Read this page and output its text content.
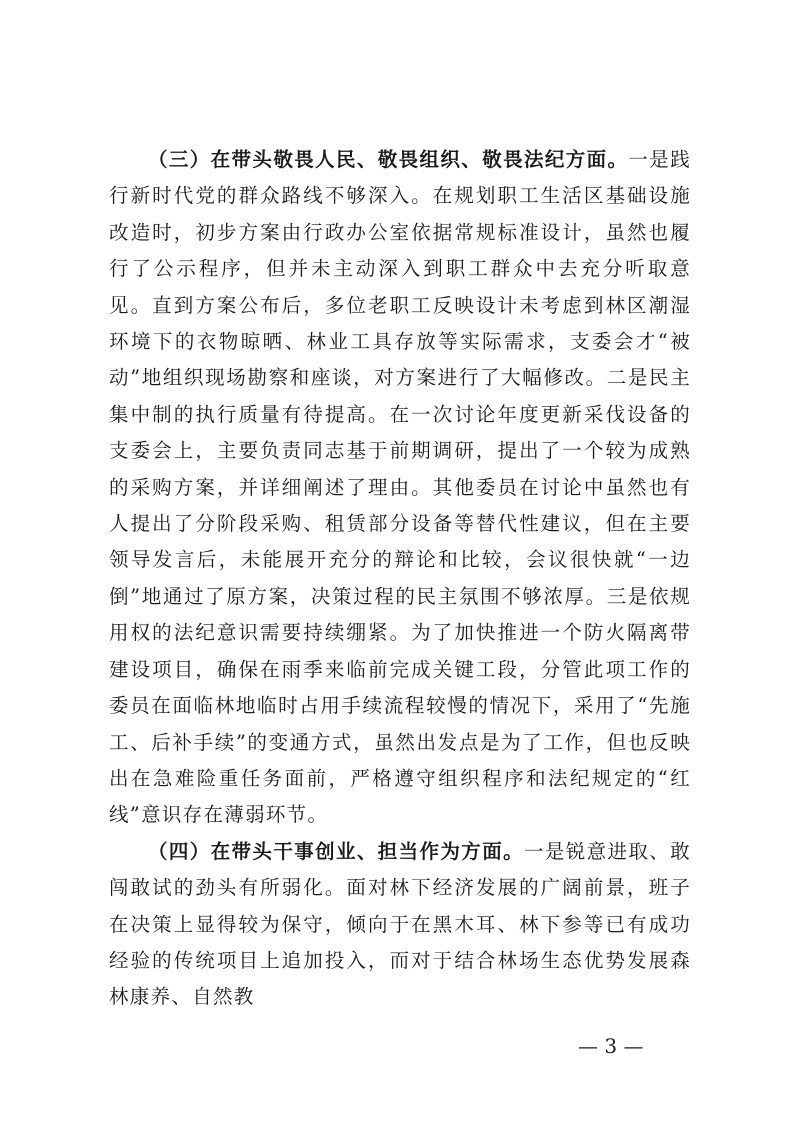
（三）在带头敬畏人民、敬畏组织、敬畏法纪方面。一是践行新时代党的群众路线不够深入。在规划职工生活区基础设施改造时，初步方案由行政办公室依据常规标准设计，虽然也履行了公示程序，但并未主动深入到职工群众中去充分听取意见。直到方案公布后，多位老职工反映设计未考虑到林区潮湿环境下的衣物晾晒、林业工具存放等实际需求，支委会才“被动”地组织现场勘察和座谈，对方案进行了大幅修改。二是民主集中制的执行质量有待提高。在一次讨论年度更新采伐设备的支委会上，主要负责同志基于前期调研，提出了一个较为成熟的采购方案，并详细阐述了理由。其他委员在讨论中虽然也有人提出了分阶段采购、租赁部分设备等替代性建议，但在主要领导发言后，未能展开充分的辩论和比较，会议很快就“一边倒”地通过了原方案，决策过程的民主氛围不够浓厚。三是依规用权的法纪意识需要持续绷紧。为了加快推进一个防火隔离带建设项目，确保在雨季来临前完成关键工段，分管此项工作的委员在面临林地临时占用手续流程较慢的情况下，采用了“先施工、后补手续”的变通方式，虽然出发点是为了工作，但也反映出在急难险重任务面前，严格遵守组织程序和法纪规定的“红线”意识存在薄弱环节。

（四）在带头干事创业、担当作为方面。一是锐意进取、敢闯敢试的劲头有所弱化。面对林下经济发展的广阔前景，班子在决策上显得较为保守，倾向于在黑木耳、林下参等已有成功经验的传统项目上追加投入，而对于结合林场生态优势发展森林康养、自然教

— 3 —
